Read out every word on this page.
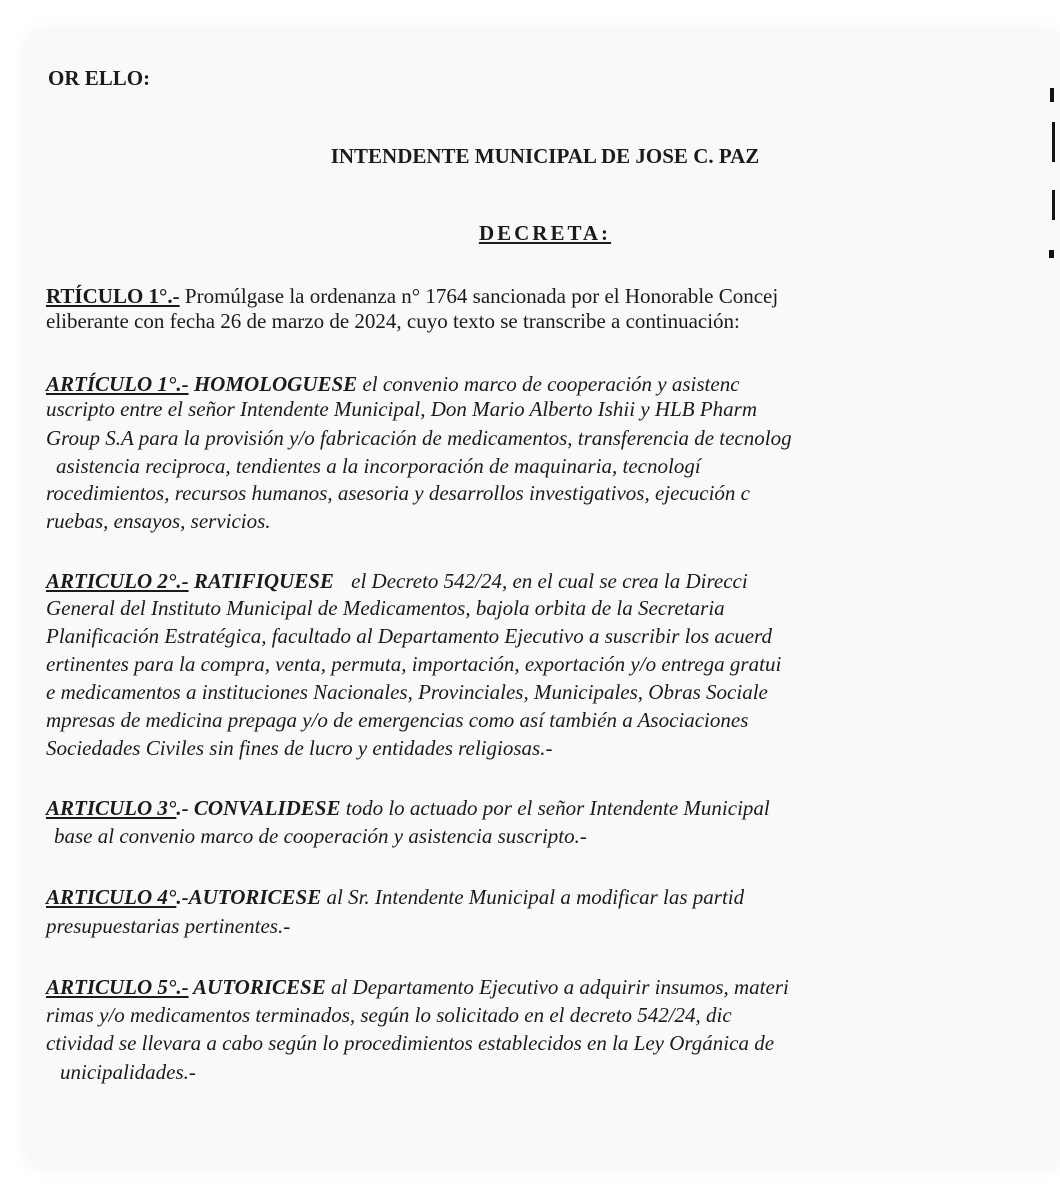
OR ELLO:
INTENDENTE MUNICIPAL DE JOSE C. PAZ
DECRETA:
RTÍCULO 1°.- Promúlgase la ordenanza n° 1764 sancionada por el Honorable Concej
eliberante con fecha 26 de marzo de 2024, cuyo texto se transcribe a continuación:
ARTÍCULO 1°.- HOMOLOGUESE el convenio marco de cooperación y asistenc
uscripto entre el señor Intendente Municipal, Don Mario Alberto Ishii y HLB Pharm
Group S.A para la provisión y/o fabricación de medicamentos, transferencia de tecnolog
asistencia reciproca, tendientes a la incorporación de maquinaria, tecnologí
rocedimientos, recursos humanos, asesoria y desarrollos investigativos, ejecución c
ruebas, ensayos, servicios.
ARTICULO 2°.- RATIFIQUESE el Decreto 542/24, en el cual se crea la Direcci
General del Instituto Municipal de Medicamentos, bajola orbita de la Secretaria
Planificación Estratégica, facultado al Departamento Ejecutivo a suscribir los acuerd
ertinentes para la compra, venta, permuta, importación, exportación y/o entrega gratui
e medicamentos a instituciones Nacionales, Provinciales, Municipales, Obras Sociale
mpresas de medicina prepaga y/o de emergencias como así también a Asociaciones
Sociedades Civiles sin fines de lucro y entidades religiosas.-
ARTICULO 3°.- CONVALIDESE todo lo actuado por el señor Intendente Municipal
base al convenio marco de cooperación y asistencia suscripto.-
ARTICULO 4°.-AUTORICESE al Sr. Intendente Municipal a modificar las partid
presupuestarias pertinentes.-
ARTICULO 5°.- AUTORICESE al Departamento Ejecutivo a adquirir insumos, materi
rimas y/o medicamentos terminados, según lo solicitado en el decreto 542/24, dic
ctividad se llevara a cabo según lo procedimientos establecidos en la Ley Orgánica de
unicipalidades.-
